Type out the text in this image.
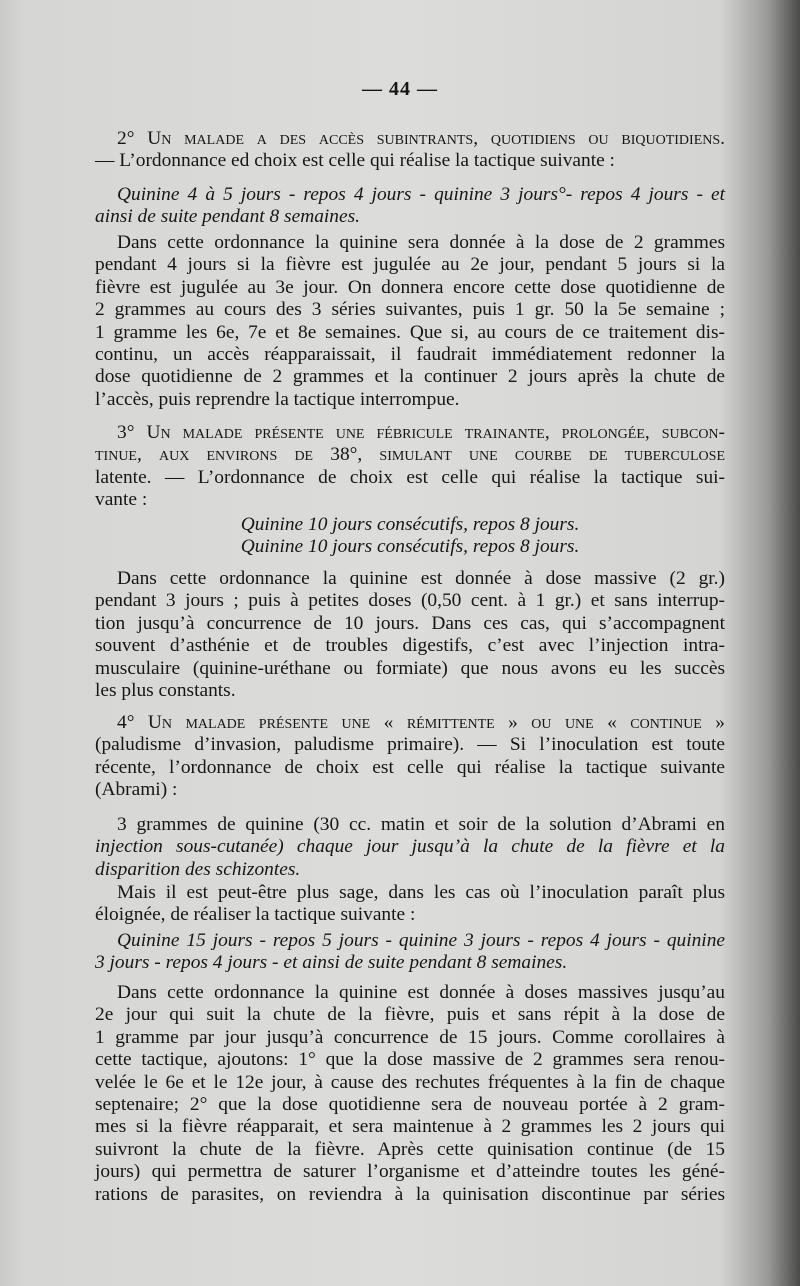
— 44 —
2° Un malade a des accès subintrants, quotidiens ou biquotidiens.
— L’ordonnance ed choix est celle qui réalise la tactique suivante :
Quinine 4 à 5 jours - repos 4 jours - quinine 3 jours°- repos 4 jours - et
ainsi de suite pendant 8 semaines.
Dans cette ordonnance la quinine sera donnée à la dose de 2 grammes
pendant 4 jours si la fièvre est jugulée au 2e jour, pendant 5 jours si la
fièvre est jugulée au 3e jour. On donnera encore cette dose quotidienne de
2 grammes au cours des 3 séries suivantes, puis 1 gr. 50 la 5e semaine ;
1 gramme les 6e, 7e et 8e semaines. Que si, au cours de ce traitement dis-
continu, un accès réapparaissait, il faudrait immédiatement redonner la
dose quotidienne de 2 grammes et la continuer 2 jours après la chute de
l’accès, puis reprendre la tactique interrompue.
3° Un malade présente une fébricule trainante, prolongée, subcon-
tinue, aux environs de 38°, simulant une courbe de tuberculose
latente. — L’ordonnance de choix est celle qui réalise la tactique sui-
vante :
Quinine 10 jours consécutifs, repos 8 jours.
Quinine 10 jours consécutifs, repos 8 jours.
Dans cette ordonnance la quinine est donnée à dose massive (2 gr.)
pendant 3 jours ; puis à petites doses (0,50 cent. à 1 gr.) et sans interrup-
tion jusqu’à concurrence de 10 jours. Dans ces cas, qui s’accompagnent
souvent d’asthénie et de troubles digestifs, c’est avec l’injection intra-
musculaire (quinine-uréthane ou formiate) que nous avons eu les succès
les plus constants.
4° Un malade présente une « rémittente » ou une « continue »
(paludisme d’invasion, paludisme primaire). — Si l’inoculation est toute
récente, l’ordonnance de choix est celle qui réalise la tactique suivante
(Abrami) :
3 grammes de quinine (30 cc. matin et soir de la solution d’Abrami en
injection sous-cutanée) chaque jour jusqu’à la chute de la fièvre et la
disparition des schizontes.
Mais il est peut-être plus sage, dans les cas où l’inoculation paraît plus
éloignée, de réaliser la tactique suivante :
Quinine 15 jours - repos 5 jours - quinine 3 jours - repos 4 jours - quinine
3 jours - repos 4 jours - et ainsi de suite pendant 8 semaines.
Dans cette ordonnance la quinine est donnée à doses massives jusqu’au
2e jour qui suit la chute de la fièvre, puis et sans répit à la dose de
1 gramme par jour jusqu’à concurrence de 15 jours. Comme corollaires à
cette tactique, ajoutons: 1° que la dose massive de 2 grammes sera renou-
velée le 6e et le 12e jour, à cause des rechutes fréquentes à la fin de chaque
septenaire; 2° que la dose quotidienne sera de nouveau portée à 2 gram-
mes si la fièvre réapparait, et sera maintenue à 2 grammes les 2 jours qui
suivront la chute de la fièvre. Après cette quinisation continue (de 15
jours) qui permettra de saturer l’organisme et d’atteindre toutes les géné-
rations de parasites, on reviendra à la quinisation discontinue par séries
